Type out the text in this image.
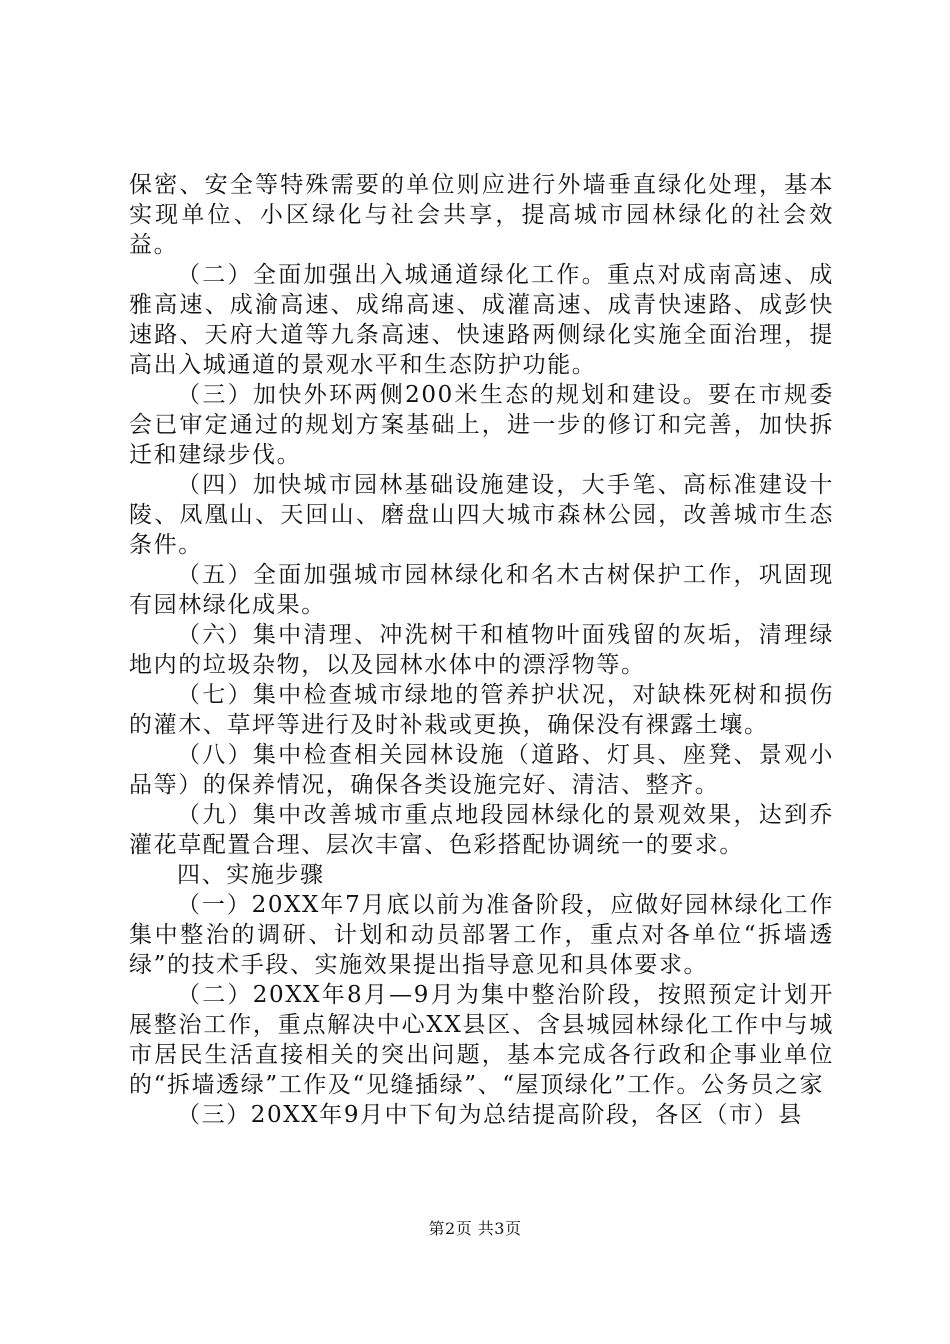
保密、安全等特殊需要的单位则应进行外墙垂直绿化处理，基本实现单位、小区绿化与社会共享，提高城市园林绿化的社会效益。

（二）全面加强出入城通道绿化工作。重点对成南高速、成雅高速、成渝高速、成绵高速、成灌高速、成青快速路、成彭快速路、天府大道等九条高速、快速路两侧绿化实施全面治理，提高出入城通道的景观水平和生态防护功能。

（三）加快外环两侧200米生态的规划和建设。要在市规委会已审定通过的规划方案基础上，进一步的修订和完善，加快拆迁和建绿步伐。

（四）加快城市园林基础设施建设，大手笔、高标准建设十陵、凤凰山、天回山、磨盘山四大城市森林公园，改善城市生态条件。

（五）全面加强城市园林绿化和名木古树保护工作，巩固现有园林绿化成果。

（六）集中清理、冲洗树干和植物叶面残留的灰垢，清理绿地内的垃圾杂物，以及园林水体中的漂浮物等。

（七）集中检查城市绿地的管养护状况，对缺株死树和损伤的灌木、草坪等进行及时补栽或更换，确保没有裸露土壤。

（八）集中检查相关园林设施（道路、灯具、座凳、景观小品等）的保养情况，确保各类设施完好、清洁、整齐。

（九）集中改善城市重点地段园林绿化的景观效果，达到乔灌花草配置合理、层次丰富、色彩搭配协调统一的要求。

四、实施步骤

（一）20XX年7月底以前为准备阶段，应做好园林绿化工作集中整治的调研、计划和动员部署工作，重点对各单位“拆墙透绿”的技术手段、实施效果提出指导意见和具体要求。

（二）20XX年8月—9月为集中整治阶段，按照预定计划开展整治工作，重点解决中心XX县区、含县城园林绿化工作中与城市居民生活直接相关的突出问题，基本完成各行政和企事业单位的“拆墙透绿”工作及“见缝插绿”、“屋顶绿化”工作。公务员之家

（三）20XX年9月中下旬为总结提高阶段，各区（市）县

第2页 共3页
